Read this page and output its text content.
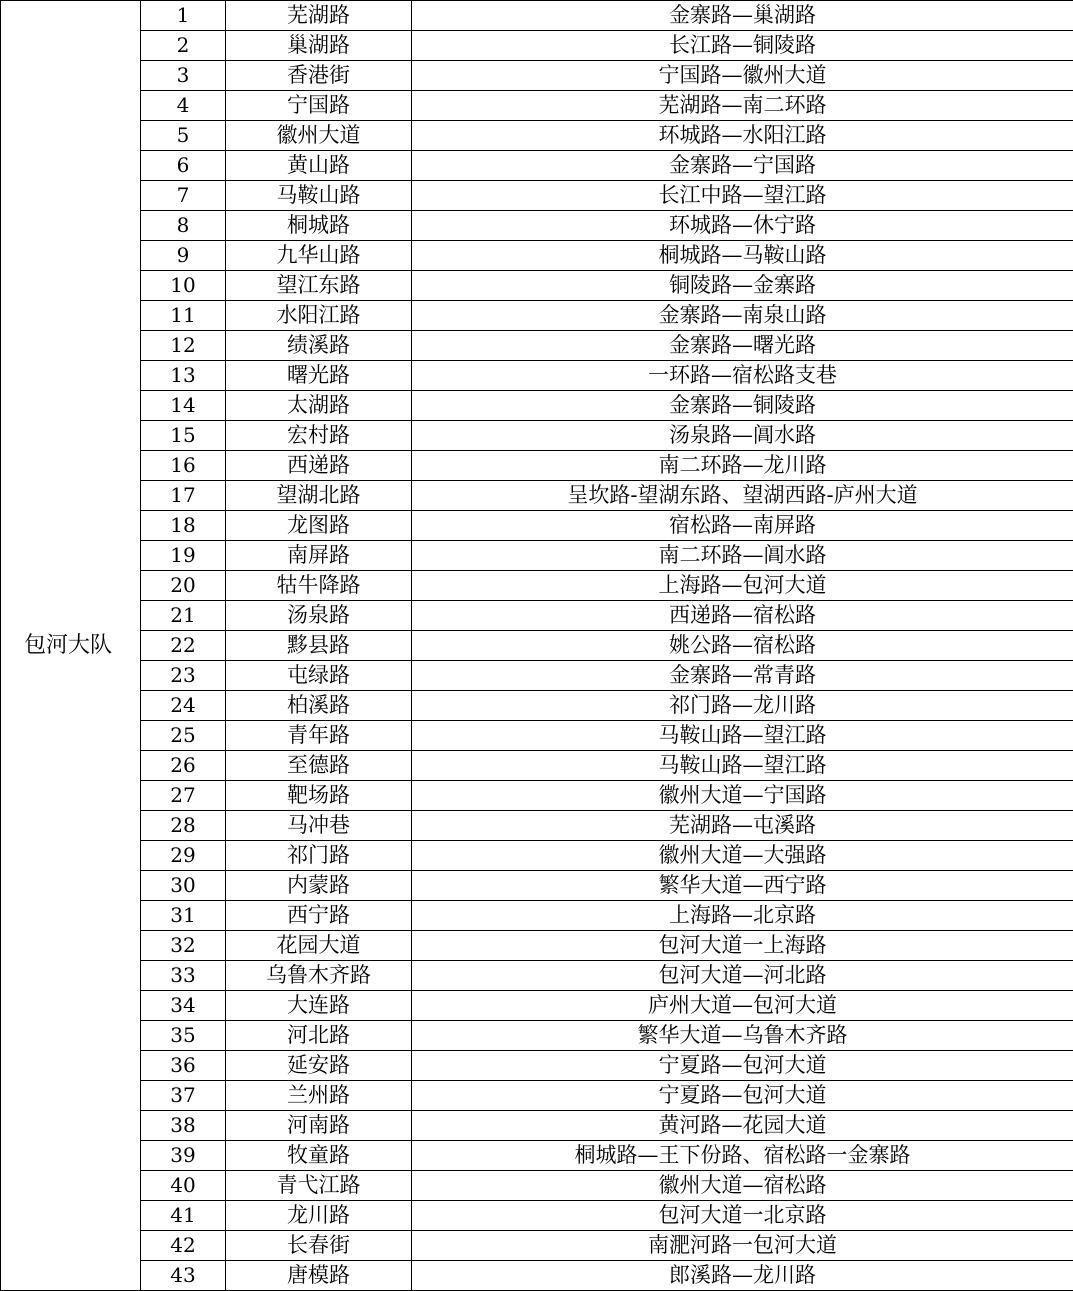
包河大队	1	芜湖路	金寨路—巢湖路
	2	巢湖路	长江路—铜陵路
	3	香港街	宁国路—徽州大道
	4	宁国路	芜湖路—南二环路
	5	徽州大道	环城路—水阳江路
	6	黄山路	金寨路—宁国路
	7	马鞍山路	长江中路—望江路
	8	桐城路	环城路—休宁路
	9	九华山路	桐城路—马鞍山路
	10	望江东路	铜陵路—金寨路
	11	水阳江路	金寨路—南泉山路
	12	绩溪路	金寨路—曙光路
	13	曙光路	一环路—宿松路支巷
	14	太湖路	金寨路—铜陵路
	15	宏村路	汤泉路—阊水路
	16	西递路	南二环路—龙川路
	17	望湖北路	呈坎路-望湖东路、望湖西路-庐州大道
	18	龙图路	宿松路—南屏路
	19	南屏路	南二环路—阊水路
	20	牯牛降路	上海路—包河大道
	21	汤泉路	西递路—宿松路
	22	黟县路	姚公路—宿松路
	23	屯绿路	金寨路—常青路
	24	柏溪路	祁门路—龙川路
	25	青年路	马鞍山路—望江路
	26	至德路	马鞍山路—望江路
	27	靶场路	徽州大道—宁国路
	28	马冲巷	芜湖路—屯溪路
	29	祁门路	徽州大道—大强路
	30	内蒙路	繁华大道—西宁路
	31	西宁路	上海路—北京路
	32	花园大道	包河大道一上海路
	33	乌鲁木齐路	包河大道—河北路
	34	大连路	庐州大道—包河大道
	35	河北路	繁华大道—乌鲁木齐路
	36	延安路	宁夏路—包河大道
	37	兰州路	宁夏路—包河大道
	38	河南路	黄河路—花园大道
	39	牧童路	桐城路—王下份路、宿松路一金寨路
	40	青弋江路	徽州大道—宿松路
	41	龙川路	包河大道一北京路
	42	长春街	南淝河路一包河大道
	43	唐模路	郎溪路—龙川路
